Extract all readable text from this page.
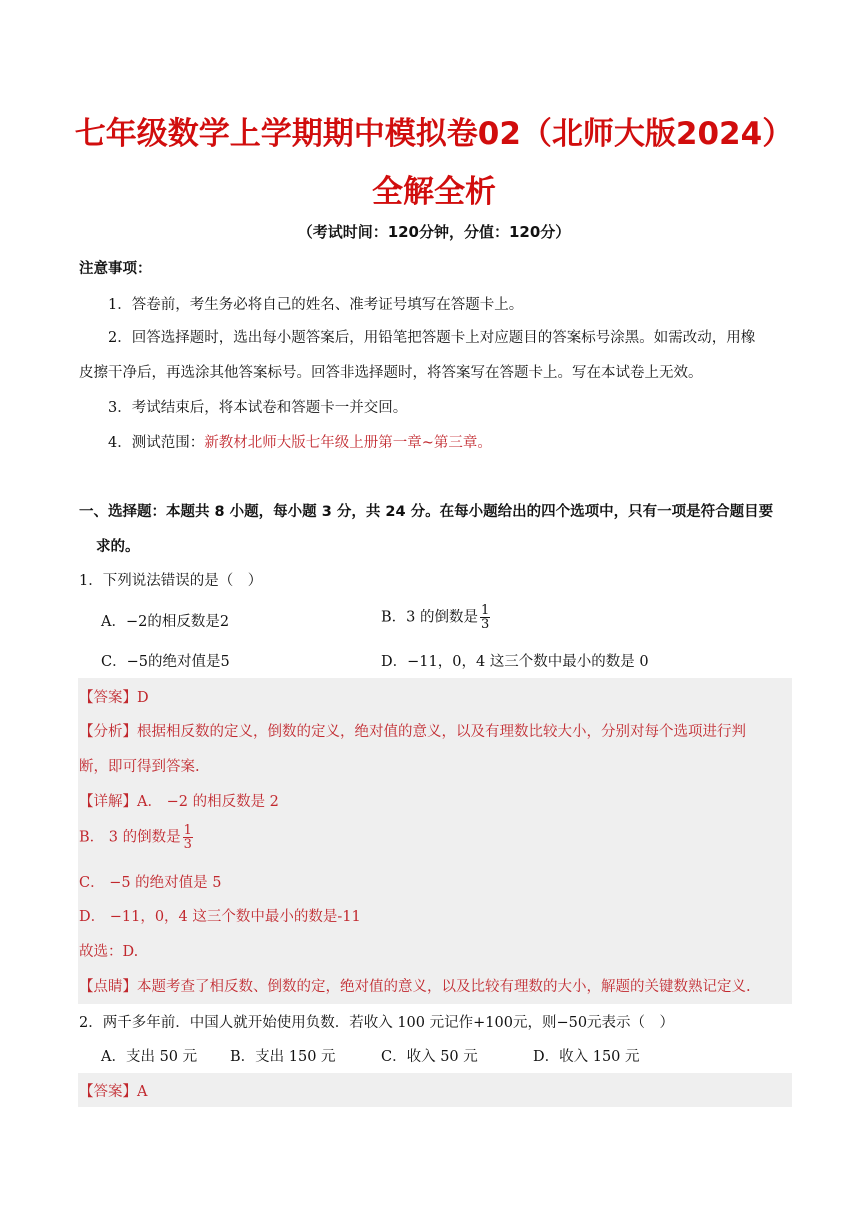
七年级数学上学期期中模拟卷02（北师大版2024）
全解全析
（考试时间：120分钟，分值：120分）
注意事项：
1．答卷前，考生务必将自己的姓名、准考证号填写在答题卡上。
2．回答选择题时，选出每小题答案后，用铅笔把答题卡上对应题目的答案标号涂黑。如需改动，用橡
皮擦干净后，再选涂其他答案标号。回答非选择题时，将答案写在答题卡上。写在本试卷上无效。
3．考试结束后，将本试卷和答题卡一并交回。
4．测试范围：新教材北师大版七年级上册第一章~第三章。
一、选择题：本题共 8 小题，每小题 3 分，共 24 分。在每小题给出的四个选项中，只有一项是符合题目要
求的。
1．下列说法错误的是（　）
A．−2的相反数是2	B．3 的倒数是 $\frac{1}{3}$
C．−5的绝对值是5	D．−11，0，4 这三个数中最小的数是 0
【答案】D
【分析】根据相反数的定义，倒数的定义，绝对值的意义，以及有理数比较大小，分别对每个选项进行判
断，即可得到答案.
【详解】A． −2 的相反数是 2
B． 3 的倒数是 $\frac{1}{3}$
C． −5 的绝对值是 5
D． −11，0，4 这三个数中最小的数是-11
故选：D.
【点睛】本题考查了相反数、倒数的定，绝对值的意义，以及比较有理数的大小，解题的关键数熟记定义.
2．两千多年前．中国人就开始使用负数．若收入 100 元记作+100元，则−50元表示（　）
A．支出 50 元 B．支出 150 元	C．收入 50 元	D．收入 150 元
【答案】A
